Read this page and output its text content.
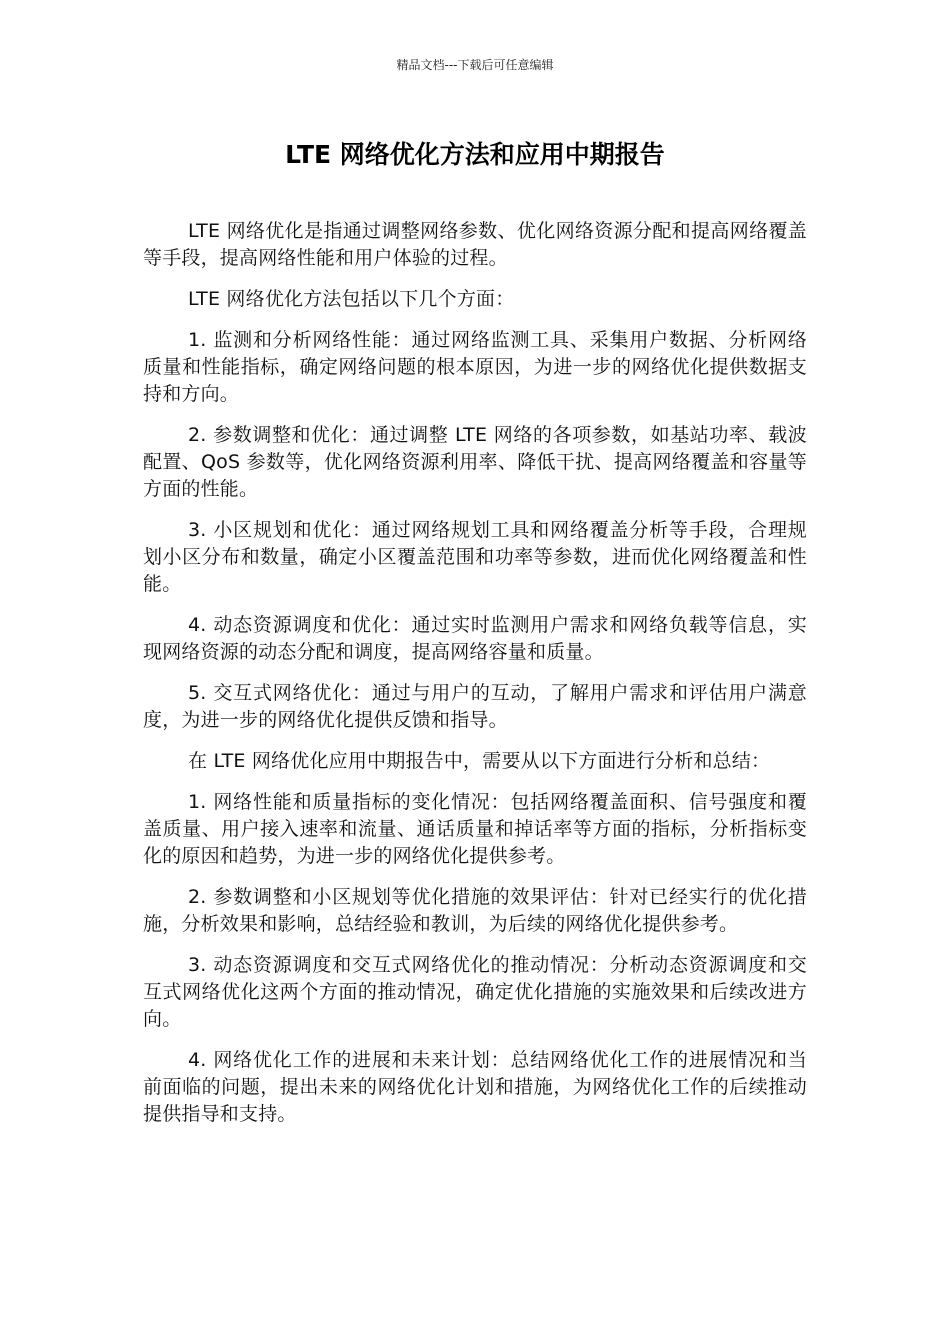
精品文档---下载后可任意编辑
LTE 网络优化方法和应用中期报告

LTE 网络优化是指通过调整网络参数、优化网络资源分配和提高网络覆盖等手段，提高网络性能和用户体验的过程。

LTE 网络优化方法包括以下几个方面：

1. 监测和分析网络性能：通过网络监测工具、采集用户数据、分析网络质量和性能指标，确定网络问题的根本原因，为进一步的网络优化提供数据支持和方向。

2. 参数调整和优化：通过调整 LTE 网络的各项参数，如基站功率、载波配置、QoS 参数等，优化网络资源利用率、降低干扰、提高网络覆盖和容量等方面的性能。

3. 小区规划和优化：通过网络规划工具和网络覆盖分析等手段，合理规划小区分布和数量，确定小区覆盖范围和功率等参数，进而优化网络覆盖和性能。

4. 动态资源调度和优化：通过实时监测用户需求和网络负载等信息，实现网络资源的动态分配和调度，提高网络容量和质量。

5. 交互式网络优化：通过与用户的互动，了解用户需求和评估用户满意度，为进一步的网络优化提供反馈和指导。

在 LTE 网络优化应用中期报告中，需要从以下方面进行分析和总结：

1. 网络性能和质量指标的变化情况：包括网络覆盖面积、信号强度和覆盖质量、用户接入速率和流量、通话质量和掉话率等方面的指标，分析指标变化的原因和趋势，为进一步的网络优化提供参考。

2. 参数调整和小区规划等优化措施的效果评估：针对已经实行的优化措施，分析效果和影响，总结经验和教训，为后续的网络优化提供参考。

3. 动态资源调度和交互式网络优化的推动情况：分析动态资源调度和交互式网络优化这两个方面的推动情况，确定优化措施的实施效果和后续改进方向。

4. 网络优化工作的进展和未来计划：总结网络优化工作的进展情况和当前面临的问题，提出未来的网络优化计划和措施，为网络优化工作的后续推动提供指导和支持。
